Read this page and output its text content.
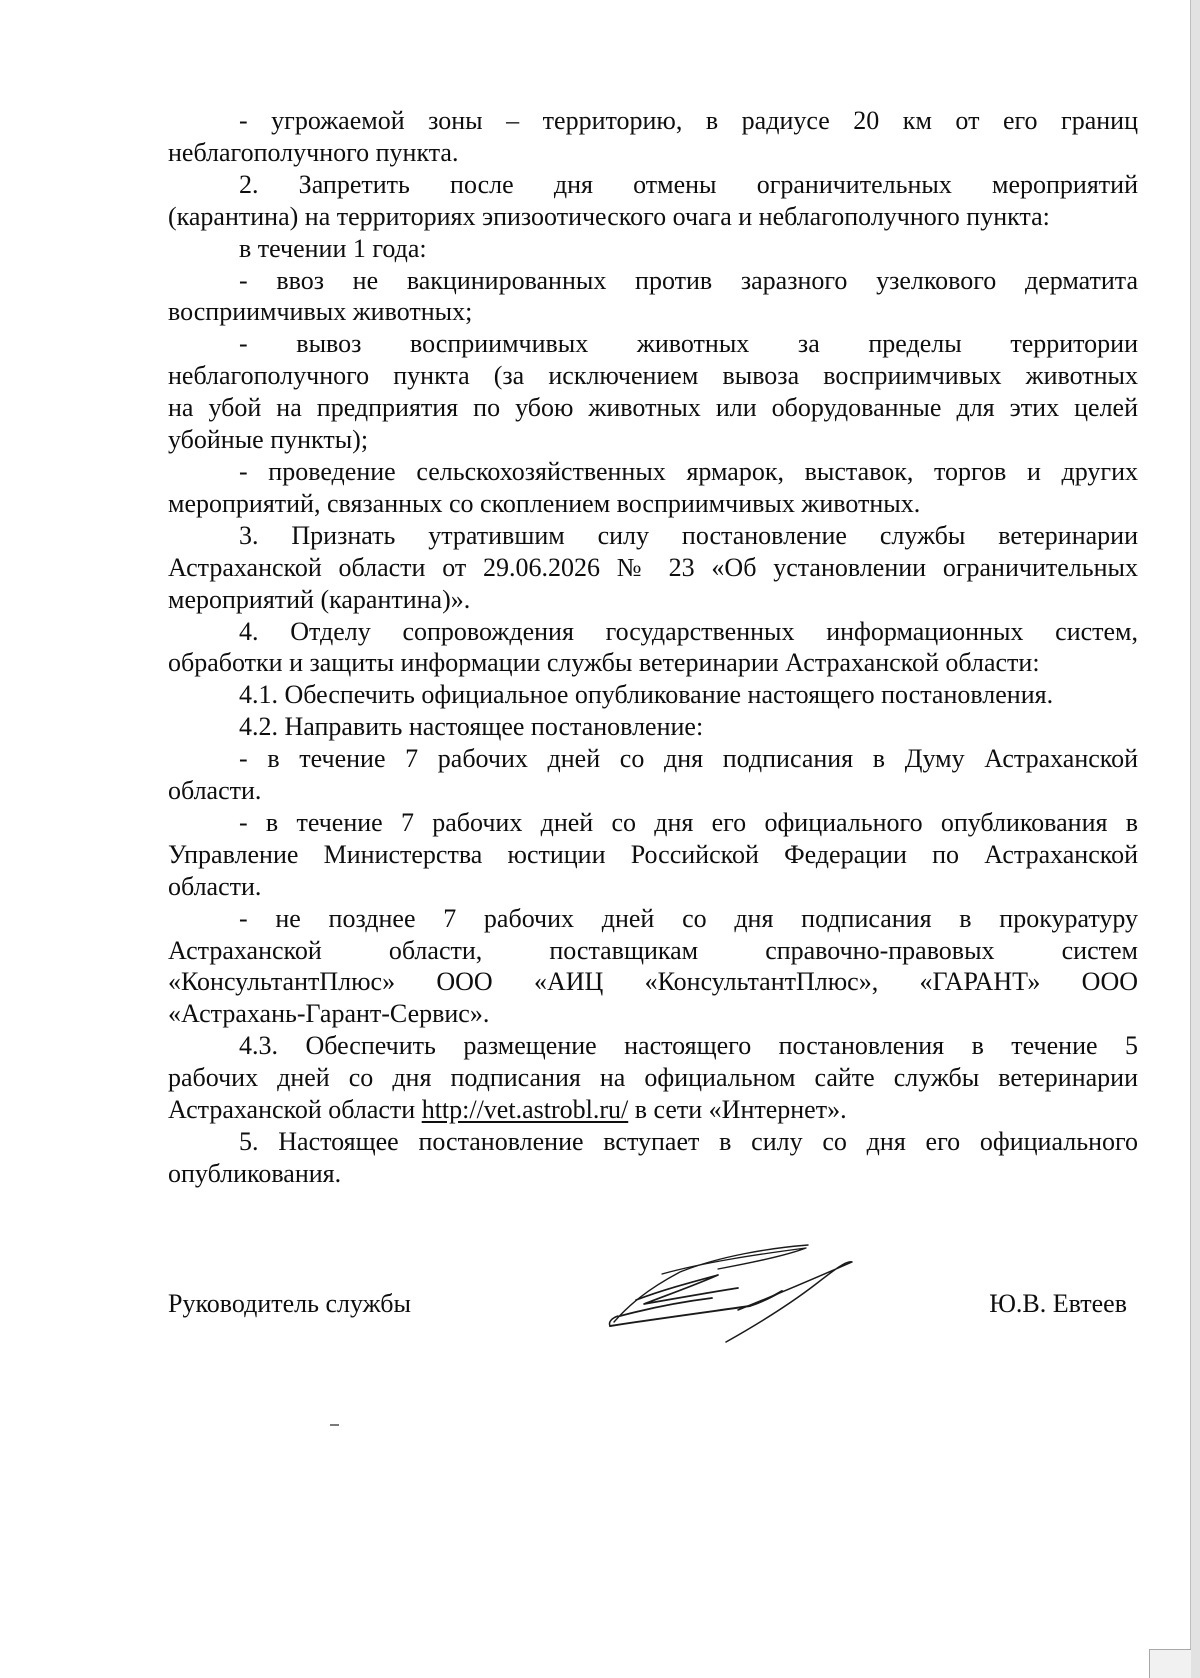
- угрожаемой зоны – территорию, в радиусе 20 км от его границ
неблагополучного пункта.

2. Запретить после дня отмены ограничительных мероприятий
(карантина) на территориях эпизоотического очага и неблагополучного пункта:

в течении 1 года:

- ввоз не вакцинированных против заразного узелкового дерматита
восприимчивых животных;

- вывоз восприимчивых животных за пределы территории
неблагополучного пункта (за исключением вывоза восприимчивых животных
на убой на предприятия по убою животных или оборудованные для этих целей
убойные пункты);

- проведение сельскохозяйственных ярмарок, выставок, торгов и других
мероприятий, связанных со скоплением восприимчивых животных.

3. Признать утратившим силу постановление службы ветеринарии
Астраханской области от 29.06.2026 № 23 «Об установлении ограничительных
мероприятий (карантина)».

4. Отделу сопровождения государственных информационных систем,
обработки и защиты информации службы ветеринарии Астраханской области:

4.1. Обеспечить официальное опубликование настоящего постановления.

4.2. Направить настоящее постановление:

- в течение 7 рабочих дней со дня подписания в Думу Астраханской
области.

- в течение 7 рабочих дней со дня его официального опубликования в
Управление Министерства юстиции Российской Федерации по Астраханской
области.

- не позднее 7 рабочих дней со дня подписания в прокуратуру
Астраханской области, поставщикам справочно-правовых систем
«КонсультантПлюс» ООО «АИЦ «КонсультантПлюс», «ГАРАНТ» ООО
«Астрахань-Гарант-Сервис».

4.3. Обеспечить размещение настоящего постановления в течение 5
рабочих дней со дня подписания на официальном сайте службы ветеринарии
Астраханской области http://vet.astrobl.ru/ в сети «Интернет».

5. Настоящее постановление вступает в силу со дня его официального
опубликования.

Руководитель службы	Ю.В. Евтеев
